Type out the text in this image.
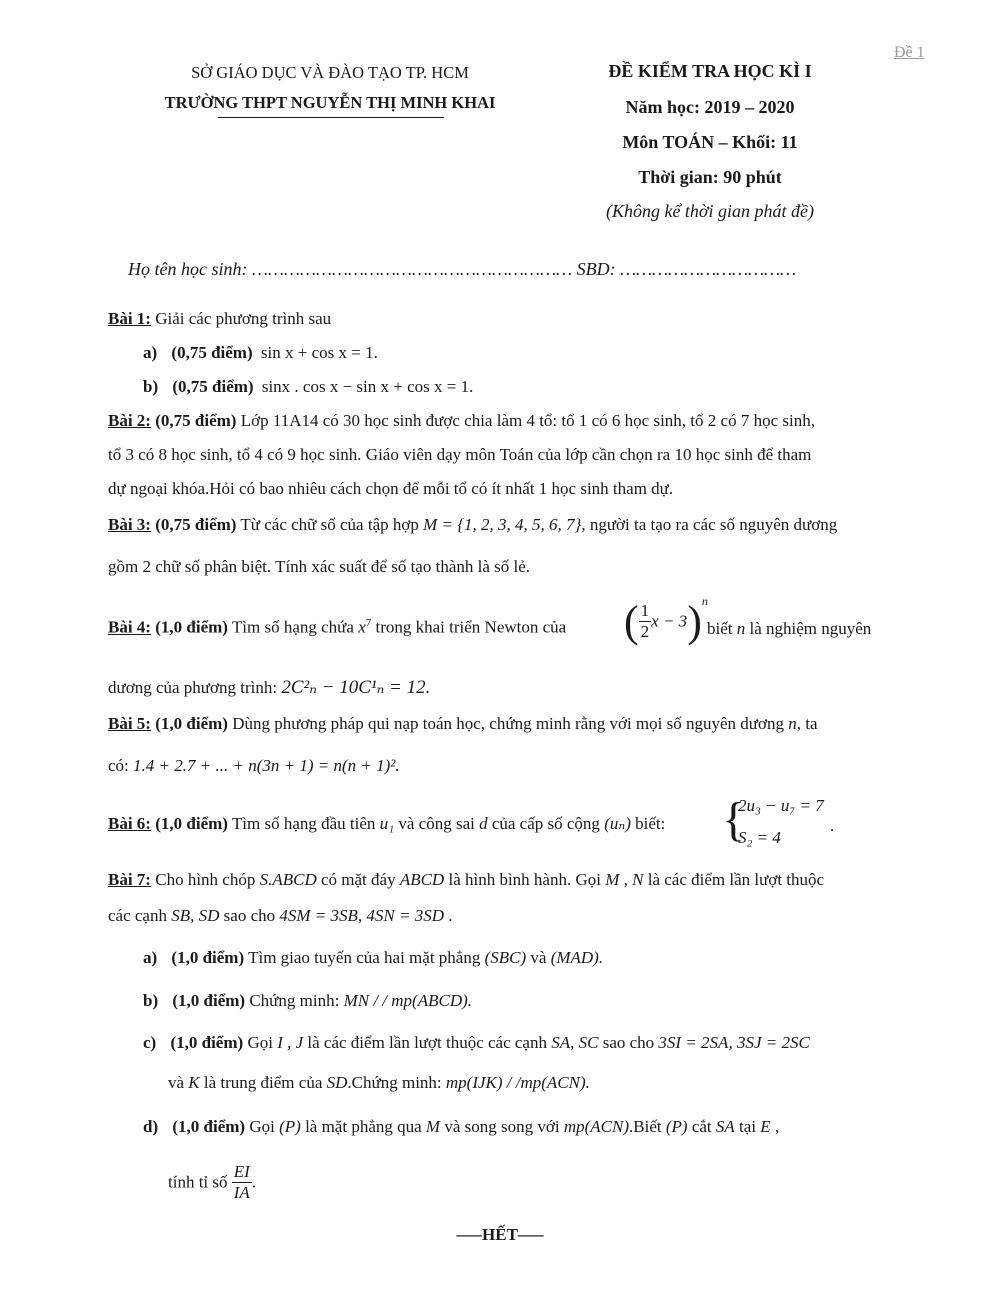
Đề 1
SỞ GIÁO DỤC VÀ ĐÀO TẠO TP. HCM
TRƯỜNG THPT NGUYỄN THỊ MINH KHAI
ĐỀ KIỂM TRA HỌC KÌ I
Năm học: 2019 – 2020
Môn TOÁN – Khối: 11
Thời gian: 90 phút
(Không kể thời gian phát đề)
Họ tên học sinh: …………………………………………………… SBD: ……………………………
Bài 1: Giải các phương trình sau
a) (0,75 điểm) sin x + cos x = 1.
b) (0,75 điểm) sinx . cos x − sin x + cos x = 1.
Bài 2: (0,75 điểm) Lớp 11A14 có 30 học sinh được chia làm 4 tổ: tổ 1 có 6 học sinh, tổ 2 có 7 học sinh,
tổ 3 có 8 học sinh, tổ 4 có 9 học sinh. Giáo viên dạy môn Toán của lớp cần chọn ra 10 học sinh để tham
dự ngoại khóa.Hỏi có bao nhiêu cách chọn để mỗi tổ có ít nhất 1 học sinh tham dự.
Bài 3: (0,75 điểm) Từ các chữ số của tập hợp M = {1, 2, 3, 4, 5, 6, 7}, người ta tạo ra các số nguyên dương
gồm 2 chữ số phân biệt. Tính xác suất để số tạo thành là số lẻ.
Bài 4: (1,0 điểm) Tìm số hạng chứa $x^7$ trong khai triển Newton của ( $\frac{1}{2}$ x − 3)$^n$
biết n là nghiệm nguyên
dương của phương trình: 2C²ₙ − 10C¹ₙ = 12.
Bài 5: (1,0 điểm) Dùng phương pháp qui nạp toán học, chứng minh rằng với mọi số nguyên dương n, ta
có: 1.4 + 2.7 + ... + n(3n + 1) = n(n + 1)².
Bài 6: (1,0 điểm) Tìm số hạng đầu tiên u₁ và công sai d của cấp số cộng (uₙ) biết: {
2u₃ − u₇ = 7
S₂ = 4
.
Bài 7: Cho hình chóp S.ABCD có mặt đáy ABCD là hình bình hành. Gọi M , N là các điểm lần lượt thuộc
các cạnh SB, SD sao cho 4SM = 3SB, 4SN = 3SD .
a) (1,0 điểm) Tìm giao tuyến của hai mặt phẳng (SBC) và (MAD).
b) (1,0 điểm) Chứng minh: MN / / mp(ABCD).
c) (1,0 điểm) Gọi I , J là các điểm lần lượt thuộc các cạnh SA, SC sao cho 3SI = 2SA, 3SJ = 2SC
và K là trung điểm của SD.Chứng minh: mp(IJK) / /mp(ACN).
d) (1,0 điểm) Gọi (P) là mặt phẳng qua M và song song với mp(ACN).Biết (P) cắt SA tại E ,
tính tỉ số $\frac{EI}{IA}$ .
–––HẾT–––
